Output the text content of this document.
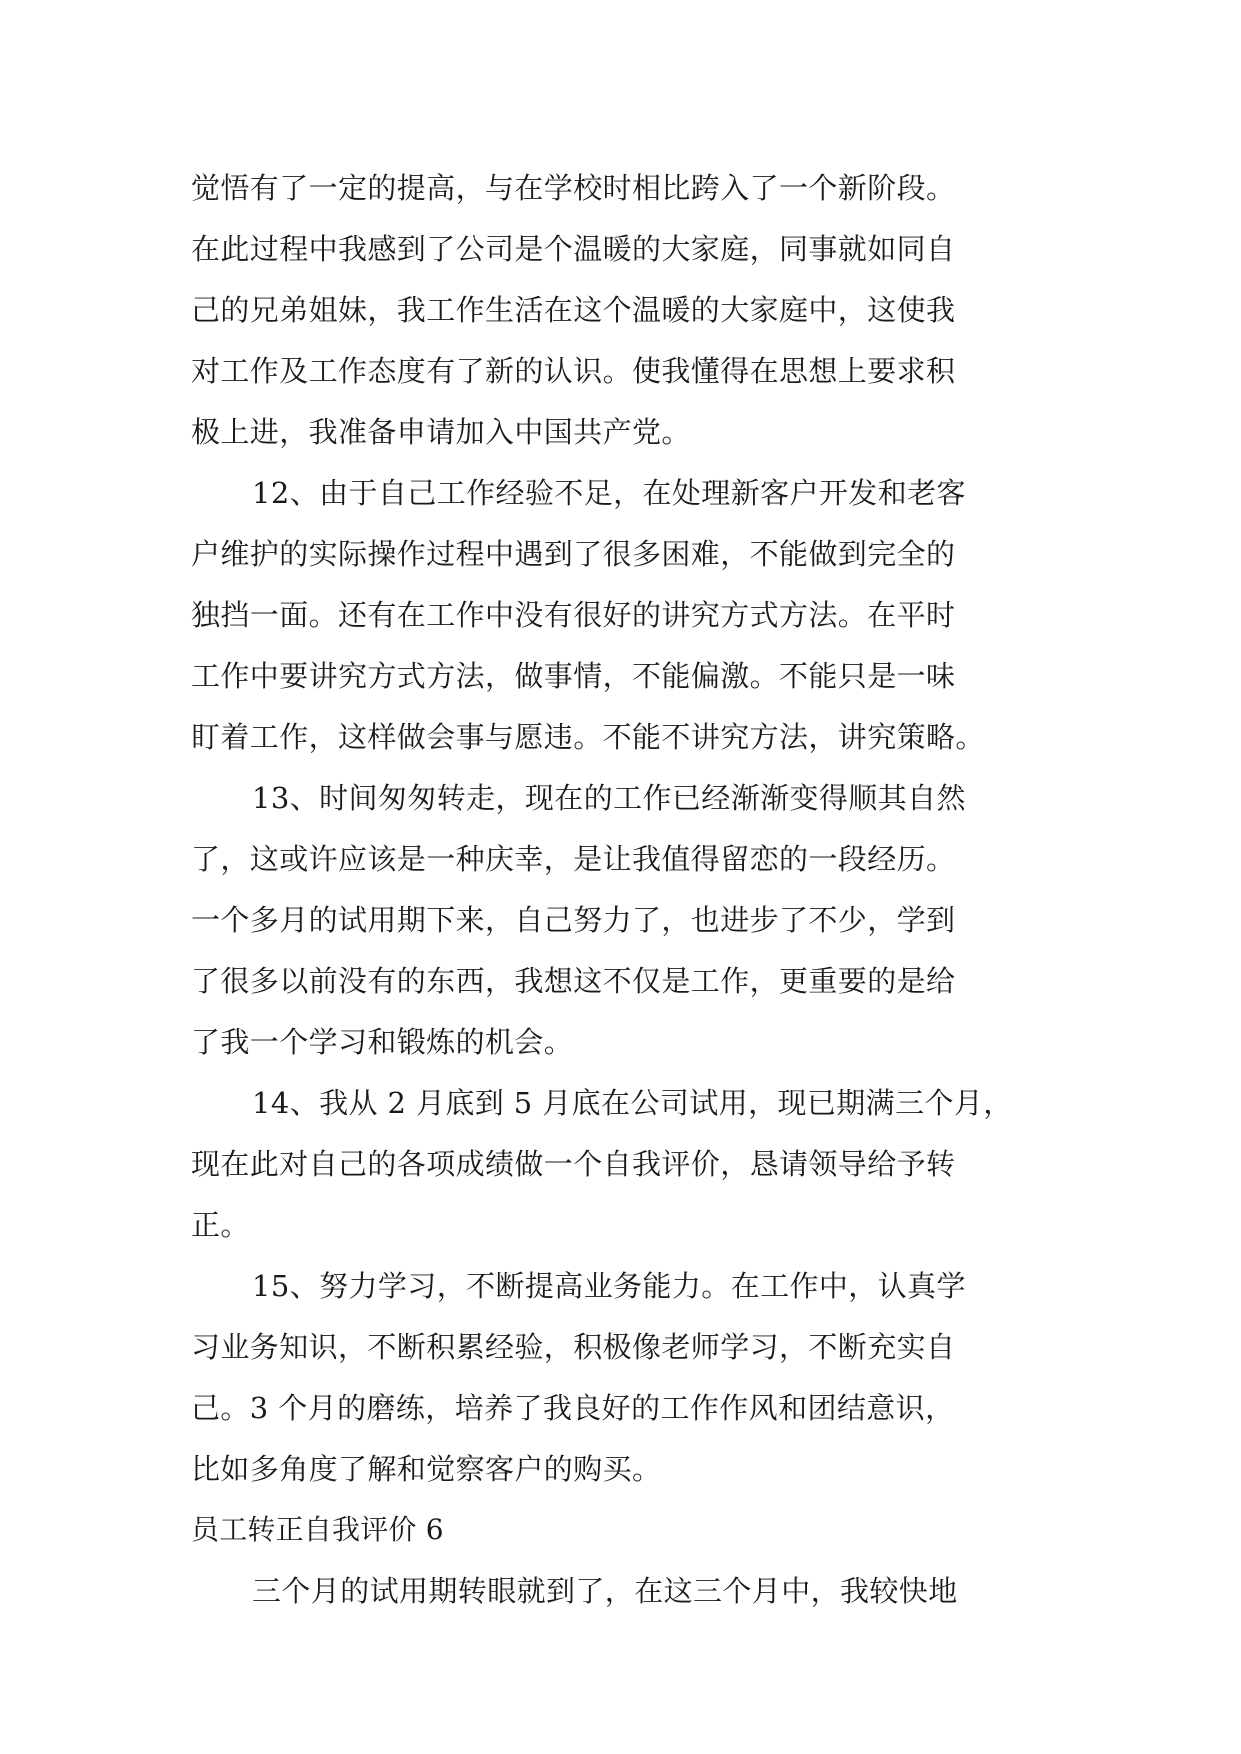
觉悟有了一定的提高，与在学校时相比跨入了一个新阶段。
在此过程中我感到了公司是个温暖的大家庭，同事就如同自
己的兄弟姐妹，我工作生活在这个温暖的大家庭中，这使我
对工作及工作态度有了新的认识。使我懂得在思想上要求积
极上进，我准备申请加入中国共产党。
12、由于自己工作经验不足，在处理新客户开发和老客
户维护的实际操作过程中遇到了很多困难，不能做到完全的
独挡一面。还有在工作中没有很好的讲究方式方法。在平时
工作中要讲究方式方法，做事情，不能偏激。不能只是一味
盯着工作，这样做会事与愿违。不能不讲究方法，讲究策略。
13、时间匆匆转走，现在的工作已经渐渐变得顺其自然
了，这或许应该是一种庆幸，是让我值得留恋的一段经历。
一个多月的试用期下来，自己努力了，也进步了不少，学到
了很多以前没有的东西，我想这不仅是工作，更重要的是给
了我一个学习和锻炼的机会。
14、我从 2 月底到 5 月底在公司试用，现已期满三个月，
现在此对自己的各项成绩做一个自我评价，恳请领导给予转
正。
15、努力学习，不断提高业务能力。在工作中，认真学
习业务知识，不断积累经验，积极像老师学习，不断充实自
己。3 个月的磨练，培养了我良好的工作作风和团结意识，
比如多角度了解和觉察客户的购买。
员工转正自我评价 6
三个月的试用期转眼就到了，在这三个月中，我较快地
